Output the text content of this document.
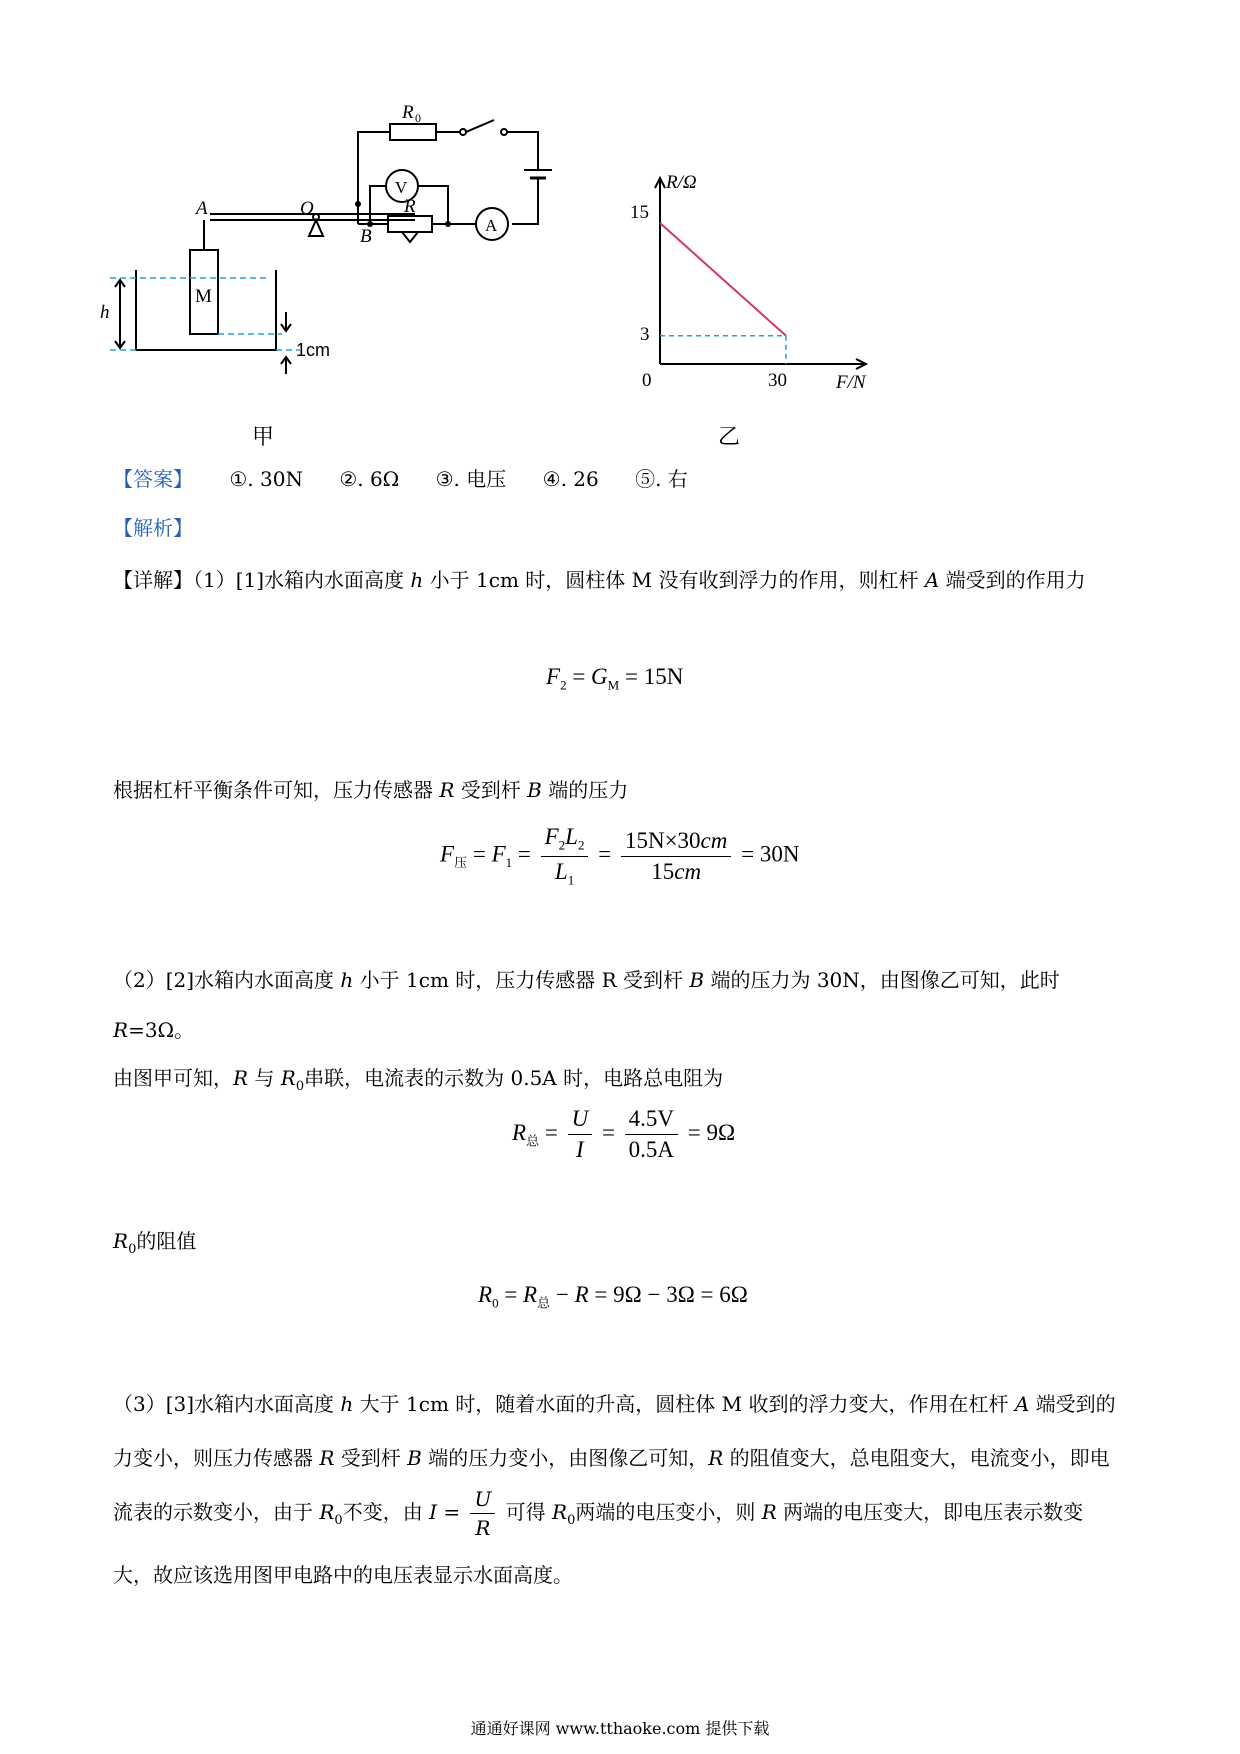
R 0
V
R
A
A	O
B
M
h
1cm
甲
R/Ω
F/N
15
3
0	30
乙
【答案】 ①. 30N ②. 6Ω ③. 电压 ④. 26 ⑤. 右
【解析】
【详解】（1）[1]水箱内水面高度 h 小于 1cm 时，圆柱体 M 没有收到浮力的作用，则杠杆 A 端受到的作用力
$F_2 = G_M = 15N$
根据杠杆平衡条件可知，压力传感器 R 受到杆 B 端的压力
$F_压 = F_1 = \frac{F_2L_2}{L_1} = \frac{15N\times 30cm}{15cm} = 30N$
（2）[2]水箱内水面高度 h 小于 1cm 时，压力传感器 R 受到杆 B 端的压力为 30N，由图像乙可知，此时
R=3Ω。
由图甲可知，R 与 $R_0$串联，电流表的示数为 0.5A 时，电路总电阻为
$R_总 = \frac{U}{I} = \frac{4.5V}{0.5A} = 9\Omega$
$R_0$的阻值
$R_0 = R_总 - R = 9\Omega - 3\Omega = 6\Omega$
（3）[3]水箱内水面高度 h 大于 1cm 时，随着水面的升高，圆柱体 M 收到的浮力变大，作用在杠杆 A 端受到的力变小，则压力传感器 R 受到杆 B 端的压力变小，由图像乙可知，R 的阻值变大，总电阻变大，电流变小，即电流表的示数变小，由于 $R_0$不变，由 $I = \frac{U}{R}$ 可得 $R_0$两端的电压变小，则 R 两端的电压变大，即电压表示数变大，故应该选用图甲电路中的电压表显示水面高度。
通通好课网 www.tthaoke.com 提供下载
